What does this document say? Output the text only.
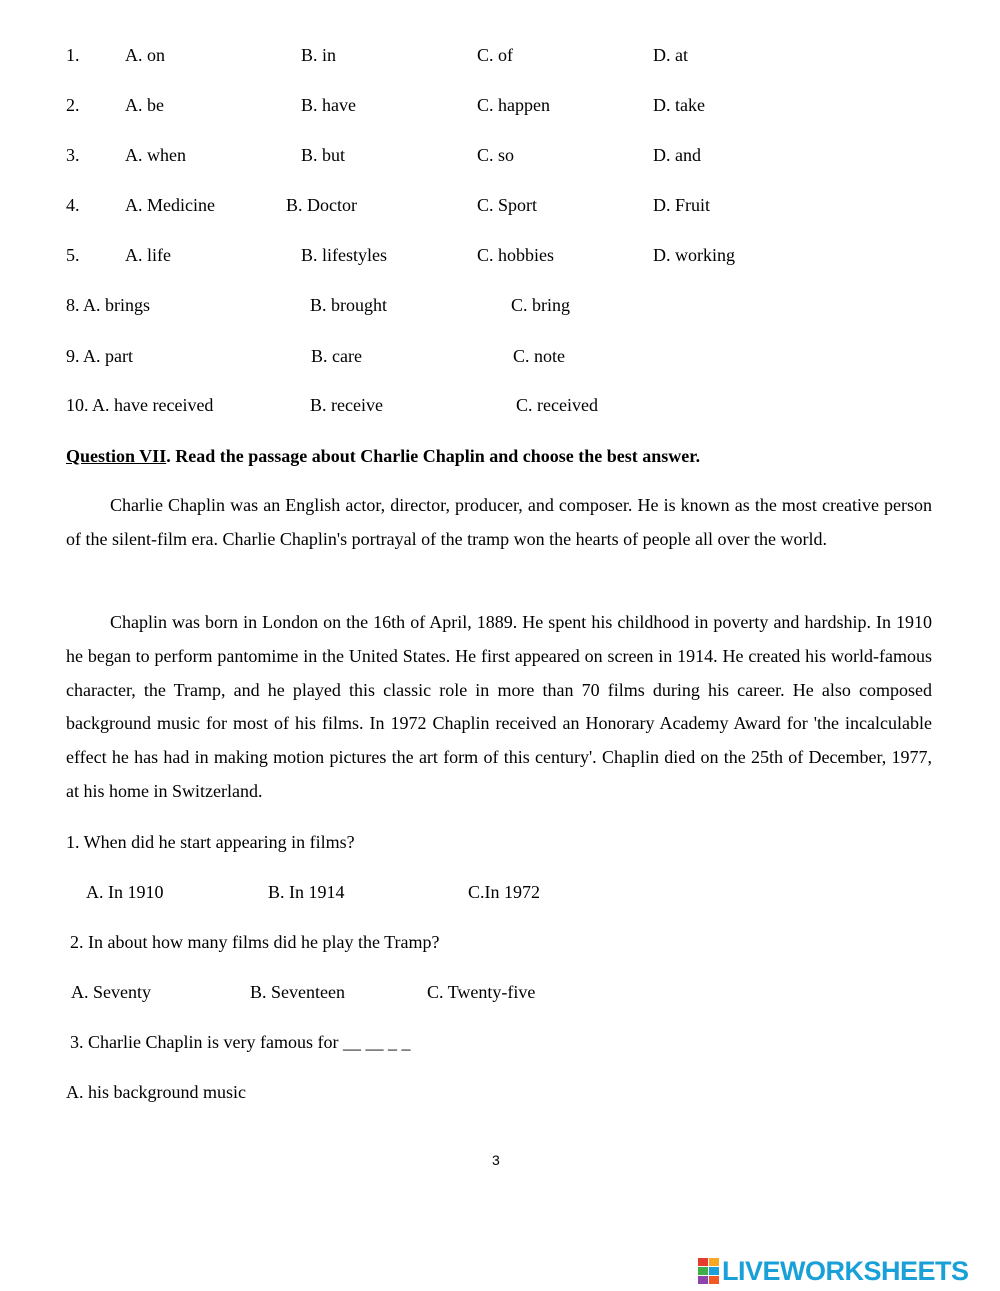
1.	A. on	B. in	C. of	D. at
2.	A. be	B. have	C. happen	D. take
3.	A. when	B. but	C. so	D. and
4.	A. Medicine	B. Doctor	C. Sport	D. Fruit
5.	A. life	B. lifestyles	C. hobbies	D. working
8. A. brings	B. brought	C. bring
9. A. part	B. care	C. note
10. A. have received	B. receive	C. received
Question VII. Read the passage about Charlie Chaplin and choose the best answer.

Charlie Chaplin was an English actor, director, producer, and composer. He is known as the most creative person of the silent-film era. Charlie Chaplin's portrayal of the tramp won the hearts of people all over the world.

Chaplin was born in London on the 16th of April, 1889. He spent his childhood in poverty and hardship. In 1910 he began to perform pantomime in the United States. He first appeared on screen in 1914. He created his world-famous character, the Tramp, and he played this classic role in more than 70 films during his career. He also composed background music for most of his films. In 1972 Chaplin received an Honorary Academy Award for 'the incalculable effect he has had in making motion pictures the art form of this century'. Chaplin died on the 25th of December, 1977, at his home in Switzerland.

1. When did he start appearing in films?
A. In 1910	B. In 1914	C.In 1972
2. In about how many films did he play the Tramp?
A. Seventy	B. Seventeen	C. Twenty-five
3. Charlie Chaplin is very famous for __ __ _ _
A. his background music
3
LIVEWORKSHEETS
